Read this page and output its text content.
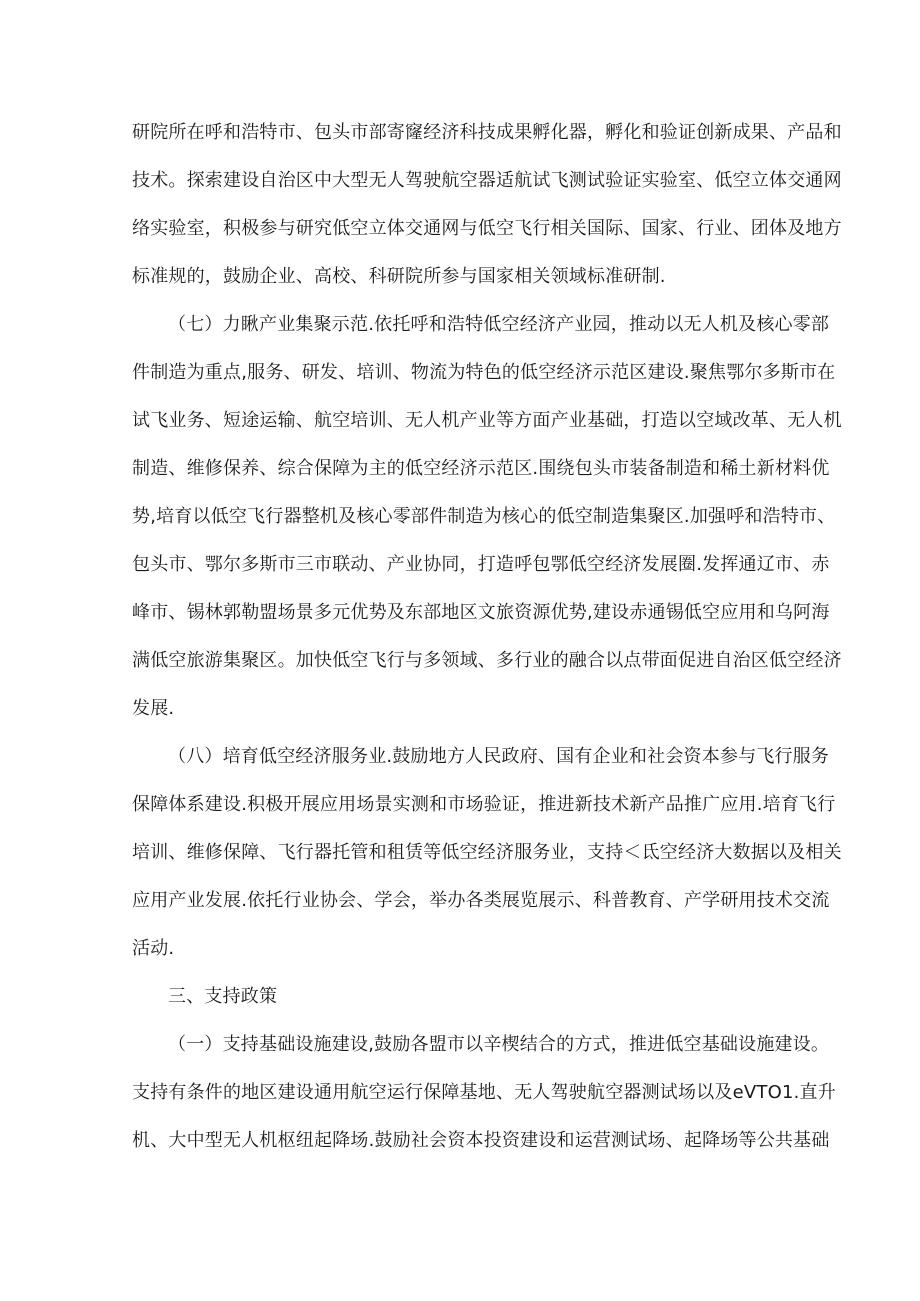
研院所在呼和浩特市、包头市部寄窿经济科技成果孵化器，孵化和验证创新成果、产品和
技术。探索建设自治区中大型无人驾驶航空器适航试飞测试验证实验室、低空立体交通网
络实验室，积极参与研究低空立体交通网与低空飞行相关国际、国家、行业、团体及地方
标准规的，鼓励企业、高校、科研院所参与国家相关领域标准研制.
（七）力瞅产业集聚示范.依托呼和浩特低空经济产业园，推动以无人机及核心零部
件制造为重点,服务、研发、培训、物流为特色的低空经济示范区建设.聚焦鄂尔多斯市在
试飞业务、短途运输、航空培训、无人机产业等方面产业基础，打造以空域改革、无人机
制造、维修保养、综合保障为主的低空经济示范区.围绕包头市装备制造和稀土新材料优
势,培育以低空飞行器整机及核心零部件制造为核心的低空制造集聚区.加强呼和浩特市、
包头市、鄂尔多斯市三市联动、产业协同，打造呼包鄂低空经济发展圈.发挥通辽市、赤
峰市、锡林郭勒盟场景多元优势及东部地区文旅资源优势,建设赤通锡低空应用和乌阿海
满低空旅游集聚区。加快低空飞行与多领域、多行业的融合以点带面促进自治区低空经济
发展.
（八）培育低空经济服务业.鼓励地方人民政府、国有企业和社会资本参与飞行服务
保障体系建设.积极开展应用场景实测和市场验证，推进新技术新产品推广应用.培育飞行
培训、维修保障、飞行器托管和租赁等低空经济服务业，支持＜氐空经济大数据以及相关
应用产业发展.依托行业协会、学会，举办各类展览展示、科普教育、产学研用技术交流
活动.
三、支持政策
（一）支持基础设施建设,鼓励各盟市以辛楔结合的方式，推进低空基础设施建设。
支持有条件的地区建设通用航空运行保障基地、无人驾驶航空器测试场以及eVTO1.直升
机、大中型无人机枢纽起降场.鼓励社会资本投资建设和运营测试场、起降场等公共基础
